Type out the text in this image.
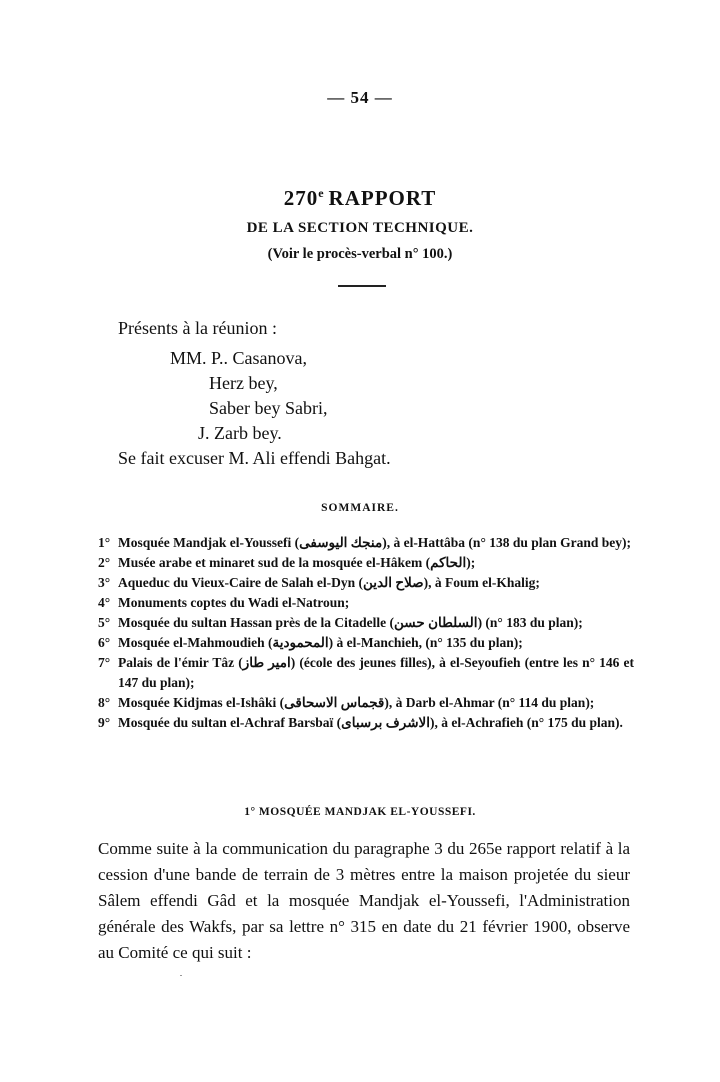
— 54 —
270e RAPPORT
DE LA SECTION TECHNIQUE.
(Voir le procès-verbal n° 100.)
Présents à la réunion :
MM. P.. Casanova,
Herz bey,
Saber bey Sabri,
J. Zarb bey.
Se fait excuser M. Ali effendi Bahgat.
SOMMAIRE.
1° Mosquée Mandjak el-Youssefi (منجك اليوسفى), à el-Hattâba (n° 138 du plan Grand bey);
2° Musée arabe et minaret sud de la mosquée el-Hâkem (الحاكم);
3° Aqueduc du Vieux-Caire de Salah el-Dyn (صلاح الدين), à Foum el-Khalig;
4° Monuments coptes du Wadi el-Natroun;
5° Mosquée du sultan Hassan près de la Citadelle (السلطان حسن) (n° 183 du plan);
6° Mosquée el-Mahmoudieh (المحمودية) à el-Manchieh, (n° 135 du plan);
7° Palais de l'émir Tâz (امير طاز) (école des jeunes filles), à el-Seyoufieh (entre les n° 146 et 147 du plan);
8° Mosquée Kidjmas el-Ishâki (قجماس الاسحاقى), à Darb el-Ahmar (n° 114 du plan);
9° Mosquée du sultan el-Achraf Barsbaï (الاشرف برسباى), à el-Achrafieh (n° 175 du plan).
1° MOSQUÉE MANDJAK EL-YOUSSEFI.

Comme suite à la communication du paragraphe 3 du 265e rapport relatif à la cession d'une bande de terrain de 3 mètres entre la maison projetée du sieur Sâlem effendi Gâd et la mosquée Mandjak el-Youssefi, l'Administration générale des Wakfs, par sa lettre n° 315 en date du 21 février 1900, observe au Comité ce qui suit :
